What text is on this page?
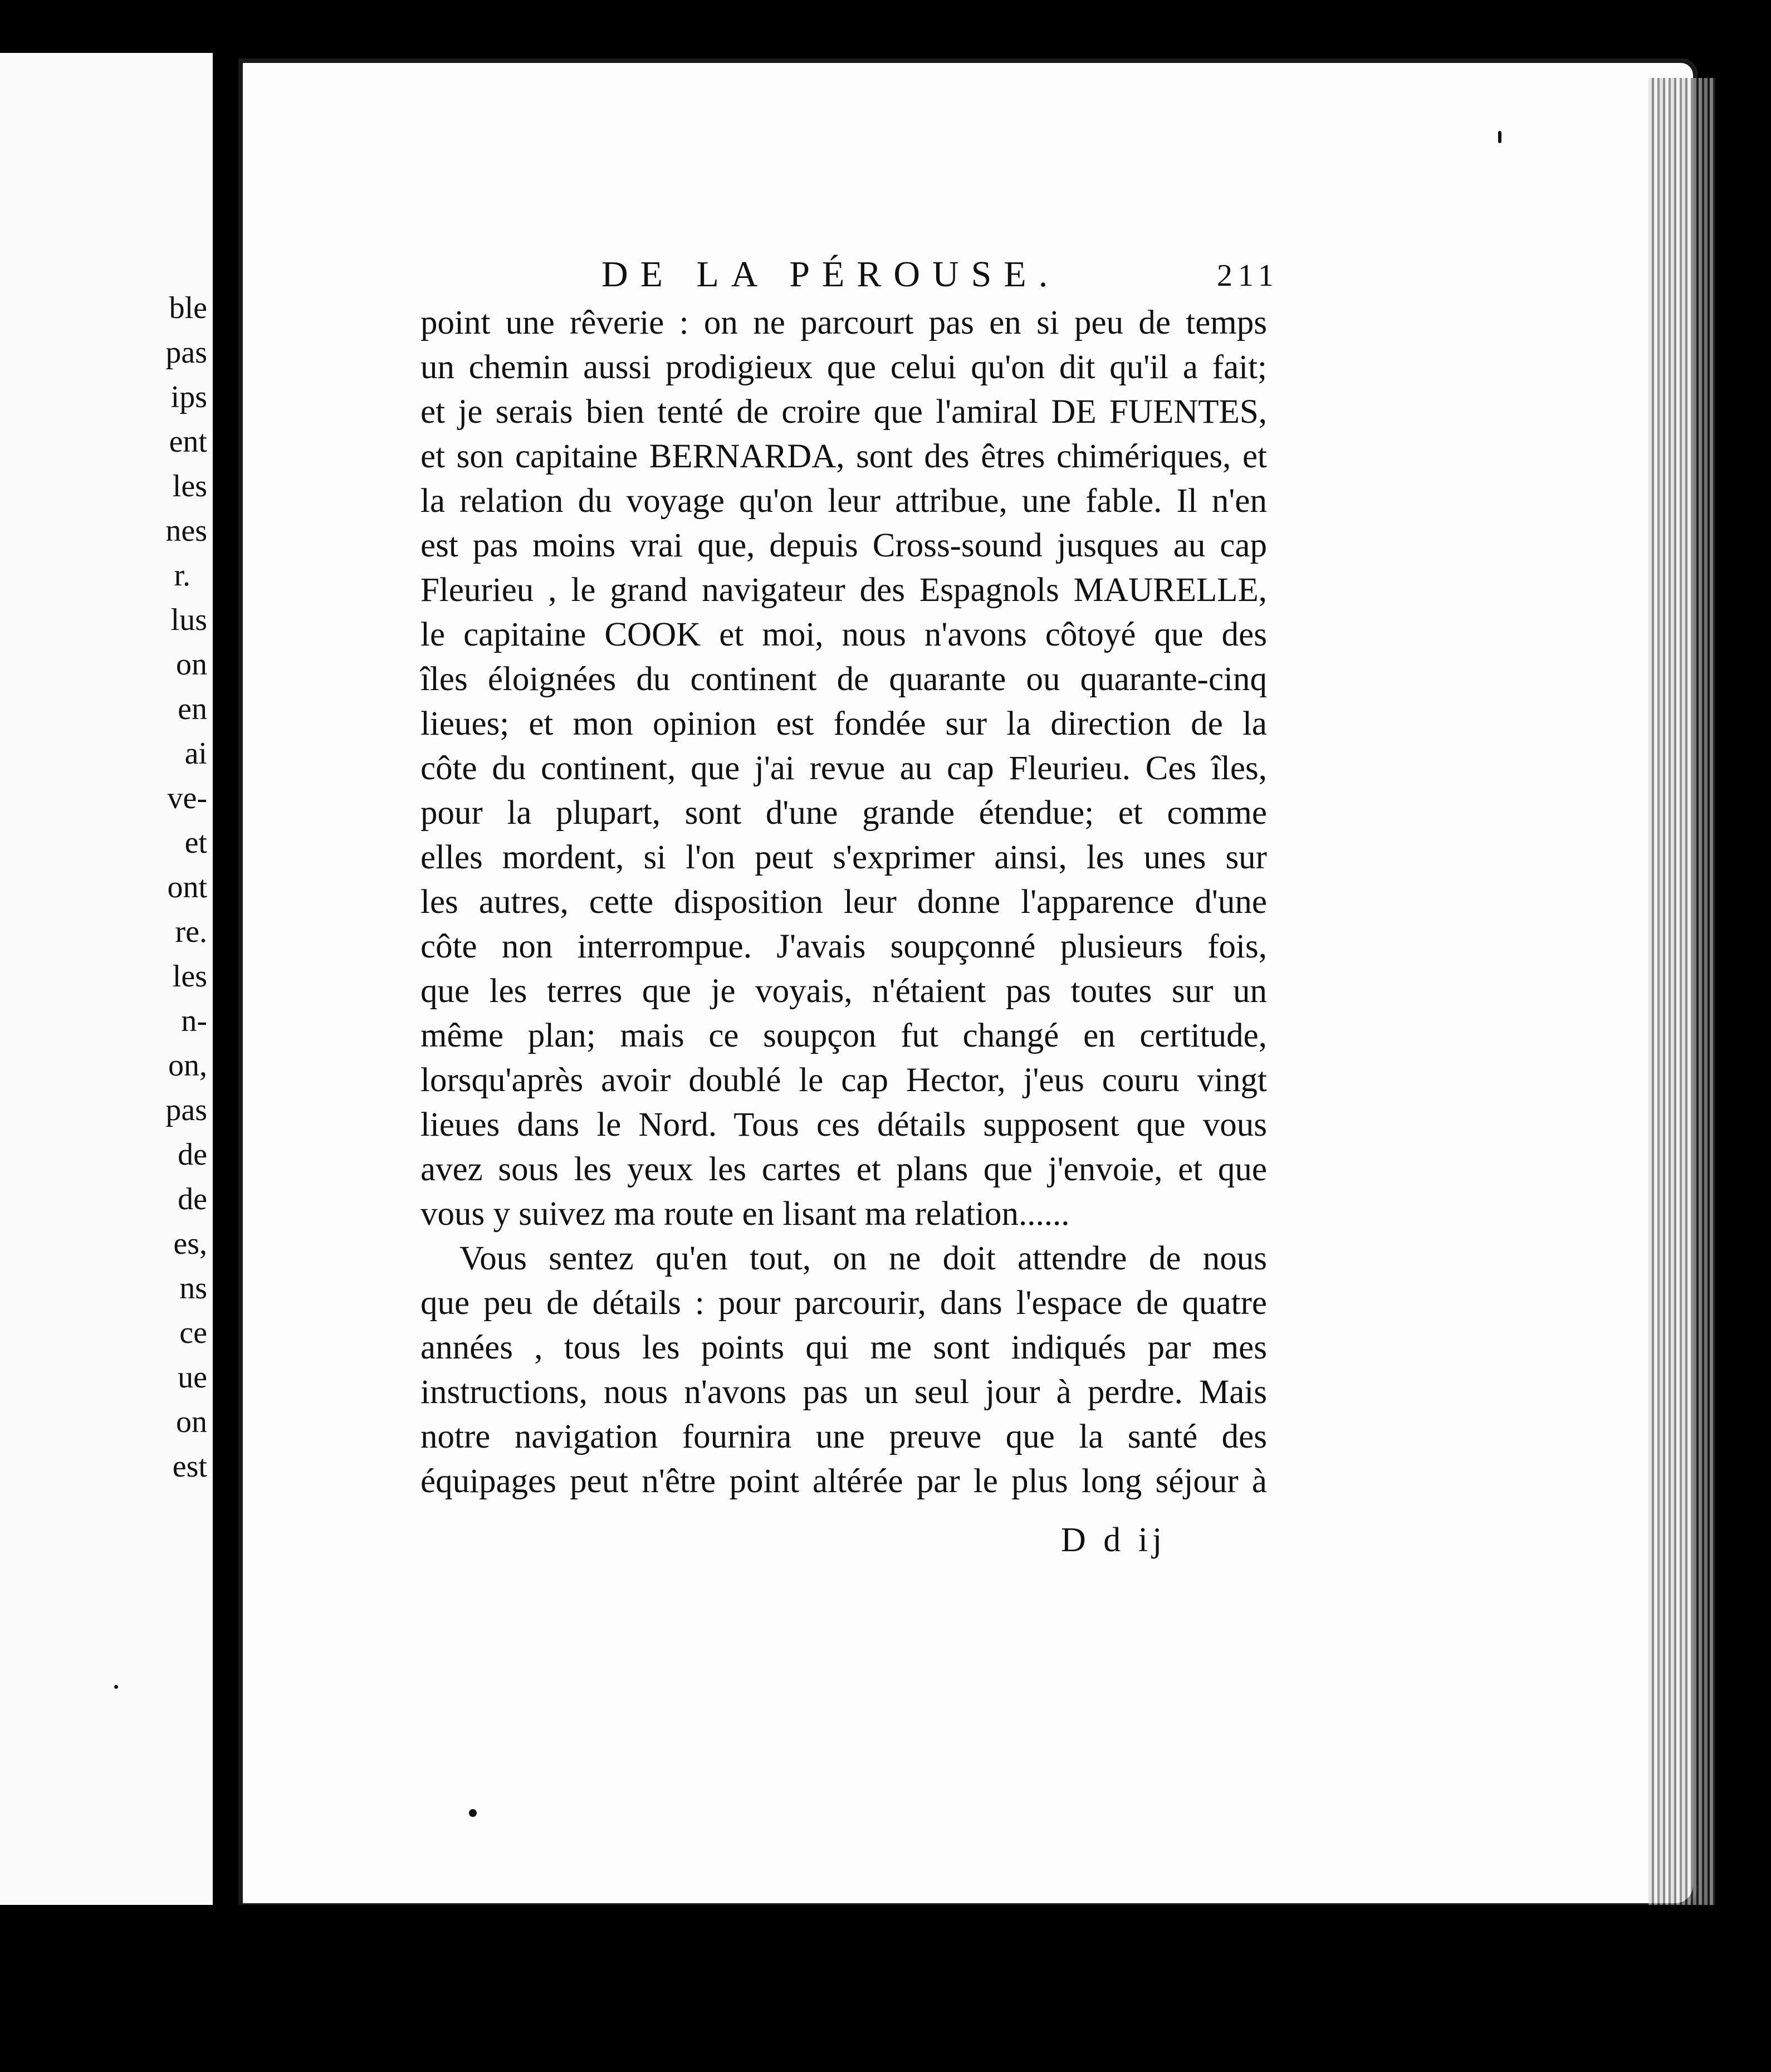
ble
pas
ips
ent
les
nes
r.
lus
on
en
ai
ve-
et
ont
re.
les
n-
on,
pas
de
de
es,
ns
ce
ue
on
est
DE LA PÉROUSE.	211
point une rêverie : on ne parcourt pas en si peu de temps
un chemin aussi prodigieux que celui qu'on dit qu'il a fait;
et je serais bien tenté de croire que l'amiral DE FUENTES,
et son capitaine BERNARDA, sont des êtres chimériques, et
la relation du voyage qu'on leur attribue, une fable. Il n'en
est pas moins vrai que, depuis Cross-sound jusques au cap
Fleurieu , le grand navigateur des Espagnols MAURELLE,
le capitaine COOK et moi, nous n'avons côtoyé que des
îles éloignées du continent de quarante ou quarante-cinq
lieues; et mon opinion est fondée sur la direction de la
côte du continent, que j'ai revue au cap Fleurieu. Ces îles,
pour la plupart, sont d'une grande étendue; et comme
elles mordent, si l'on peut s'exprimer ainsi, les unes sur
les autres, cette disposition leur donne l'apparence d'une
côte non interrompue. J'avais soupçonné plusieurs fois,
que les terres que je voyais, n'étaient pas toutes sur un
même plan; mais ce soupçon fut changé en certitude,
lorsqu'après avoir doublé le cap Hector, j'eus couru vingt
lieues dans le Nord. Tous ces détails supposent que vous
avez sous les yeux les cartes et plans que j'envoie, et que
vous y suivez ma route en lisant ma relation......
Vous sentez qu'en tout, on ne doit attendre de nous
que peu de détails : pour parcourir, dans l'espace de quatre
années , tous les points qui me sont indiqués par mes
instructions, nous n'avons pas un seul jour à perdre. Mais
notre navigation fournira une preuve que la santé des
équipages peut n'être point altérée par le plus long séjour à
D d ij
